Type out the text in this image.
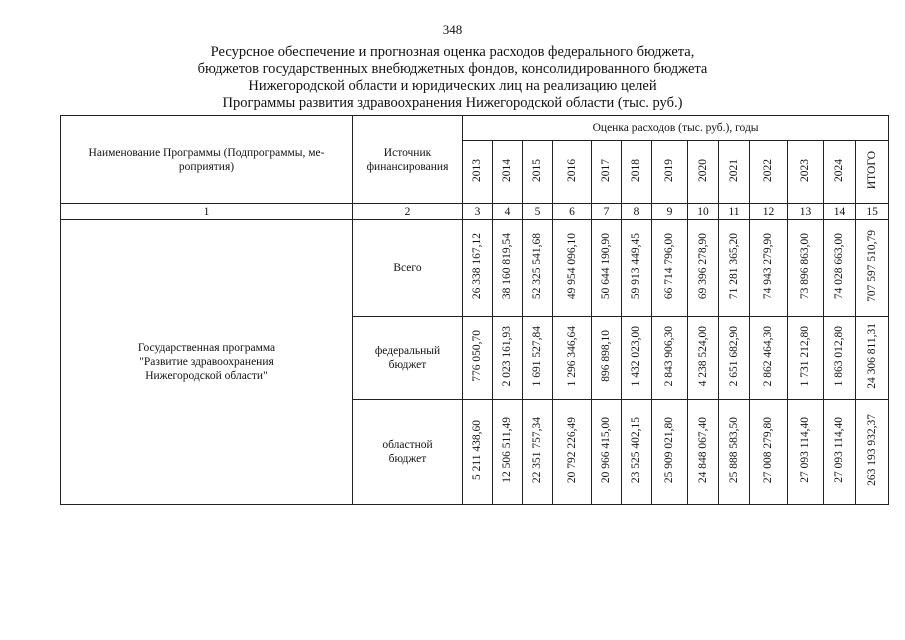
348
Ресурсное обеспечение и прогнозная оценка расходов федерального бюджета,
бюджетов государственных внебюджетных фондов, консолидированного бюджета
Нижегородской области и юридических лиц на реализацию целей
Программы развития здравоохранения Нижегородской области (тыс. руб.)
Наименование Программы (Подпрограммы, ме-роприятия)	Источник финансирования	Оценка расходов (тыс. руб.), годы												
		2013	2014	2015	2016	2017	2018	2019	2020	2021	2022	2023	2024	ИТОГО
1	2	3	4	5	6	7	8	9	10	11	12	13	14	15
Государственная программа "Развитие здравоохранения Нижегородской области"	Всего	26 338 167,12	38 160 819,54	52 325 541,68	49 954 096,10	50 644 190,90	59 913 449,45	66 714 796,00	69 396 278,90	71 281 365,20	74 943 279,90	73 896 863,00	74 028 663,00	707 597 510,79
	федеральный бюджет	776 050,70	2 023 161,93	1 691 527,84	1 296 346,64	896 898,10	1 432 023,00	2 843 906,30	4 238 524,00	2 651 682,90	2 862 464,30	1 731 212,80	1 863 012,80	24 306 811,31
	областной бюджет	5 211 438,60	12 506 511,49	22 351 757,34	20 792 226,49	20 966 415,00	23 525 402,15	25 909 021,80	24 848 067,40	25 888 583,50	27 008 279,80	27 093 114,40	27 093 114,40	263 193 932,37
